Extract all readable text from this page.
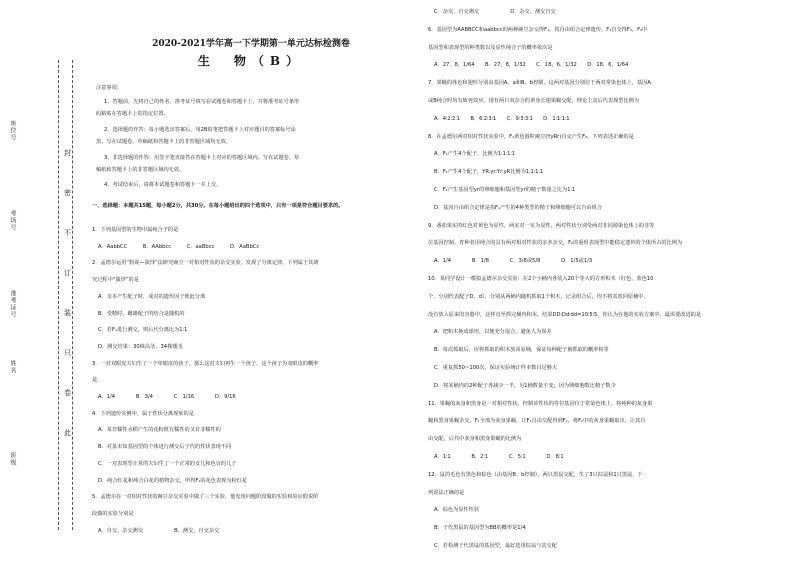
班级
姓名
准考证号
考场号
座位号
封
密
不
订
装
只
卷
此
2020-2021学年高一下学期第一单元达标检测卷
生　物（B）
注意事项：
1、答题前，先将自己的姓名、准考证号填写在试题卷和答题卡上，并将准考证号条形
码粘贴在答题卡上的指定位置。
2、选择题的作答：每小题选出答案后，用2B铅笔把答题卡上对应题目的答案标号涂
黑，写在试题卷、草稿纸和答题卡上的非答题区域均无效。
3、非选择题的作答：用签字笔直接答在答题卡上对应的答题区域内。写在试题卷、草
稿纸和答题卡上的非答题区域均无效。
4、考试结束后，请将本试题卷和答题卡一并上交。
一、选择题：本题共15题，每小题2分，共30分。在每小题给出的四个选项中，只有一项是符合题目要求的。
1．下列基因型的生物中属纯合子的是
A．AabbCC　　　B．AAbbcc　　　C．aaBbcc　　　D．AaBbCc
2．孟德尔运用“假说—演绎”法研究豌豆一对相对性状的杂交实验，发现了分离定律。下列属于其研
究过程中“演绎”的是
A．亲本产生配子时，成对的遗传因子彼此分离
B．受精时，雌雄配子的结合是随机的
C．若F₁进行测交，则后代分离比为1∶1
D．测交结果：30株高茎，34株矮茎
3．一对双眼皮夫妇生了一个单眼皮的孩子，那么这对夫妇再生一个孩子，这个孩子为双眼皮的概率
是
A．1/4　　　　B．3/4　　　　C．1/16　　　　D．9/16
4．下列遗传实例中，属于性状分离现象的是
A．某非糯性水稻产生的花粉既有糯性的又有非糯性的
B．对某未知基因型的个体进行测交后子代的性状表现不同
C．一对表现型正常的夫妇生了一个正常的女儿和色盲的儿子
D．纯合红花和纯合白花的植物杂交，所得F₁的花色表现为粉红花
5．孟德尔在一对相对性状的豌豆杂交实验中做了三个实验，他发现问题阶段做的实验和验证假说阶
段做的实验分别是
A．自交、杂交测交　　　　　　B．测交、自交杂交
C．杂交、自交测交　　　　　　D．杂交、测交自交
6．基因型为AABBCC和aabbcc的两种豌豆杂交得F₁，按自由组合定律遗传，F₁自交得F₂，F₂中
基因型和表现型的种类数以及显性纯合子的概率依次是
A．27，8，1/64　　B．27，8，1/32　　C．18，6，1/32　　D．18，6，1/64
7．果蝇的体色和翅形分别由基因A、a和B、b控制，这两对基因分别位于两对常染色体上，基因A
或B纯合时均有致死效应。现有两只双杂合的黄身长翅果蝇交配，理论上其后代表现型比例为
A．4∶2∶2∶1　　B．6∶2∶3∶1　　C．9∶3∶3∶1　　D．1∶1∶1∶1
8．在孟德尔两对相对性状实验中，F₁黄色圆粒豌豆(YyRr)自交产生F₂，下列表述正确的是
A．F₁产生4个配子，比例为1∶1∶1∶1
B．F₁产生4个配子，YR∶yr∶Yr∶yR比例为1∶1∶1∶1
C．F₁产生基因型yr的卵细胞和基因型yr的精子数量之比为1∶1
D．基因自由组合定律是指F₁产生的4种类型的精子和卵细胞可以自由组合
9．番茄果实的红色对黄色为显性，两室对一室为显性，两对性状分别受两对非同源染色体上的非等
位基因控制。育种者用纯合的具有两对相对性状的亲本杂交，F₂的重组表现型中能稳定遗传的个体所占的比例为
A．1/4　　　　B．1/8　　　　C．3/8或5/8　　　　D．1/5或1/3
10．某同学设计一模拟孟德尔杂交实验：在2个小桶内各装入20个等大的方形积木（红色、蓝色10
个，分别代表配子D、d）。分别从两桶内随机抓取1个积木，记录组合后，均不将其放回原桶中。
没有放入原来的容器中，这样直至抓完桶内积木。结果DD∶Dd∶dd=10∶5∶5，你认为在他的实验方案中，最需要改进的是
A．把积木换成球形，以便充分混合，避免人为误差
B．每次抓取后，应将抓取的积木放回原桶，保证每种配子被抓取的概率相等
C．重复抓50~100次，保证实验统计样本数目足够大
D．将某桶内的2种配子各减少一半，另1桶数量不变；因为卵细胞数比精子数少
11．果蝇的灰身和黑身是一对相对性状，控制该性状的等位基因位于常染色体上，将纯种的灰身果
蝇和黑身果蝇杂交，F₁全部为灰身果蝇，让F₁自由交配得到F₂，将F₂中的灰身果蝇取出，让其自
由交配，后代中灰身和黑身果蝇的比例为
A．1∶1　　　　B．2∶1　　　　C．5∶1　　　　D．8∶1
12．鼠的毛色有黑色和棕色（由基因B、b控制），两只黑鼠交配，生了3只棕鼠和1只黑鼠，下
列说法正确的是
A．棕色为显性性状
B．子代黑鼠的基因型为BB的概率是1/4
C．若检测子代黑鼠的基因型，最好选用棕鼠与其交配
